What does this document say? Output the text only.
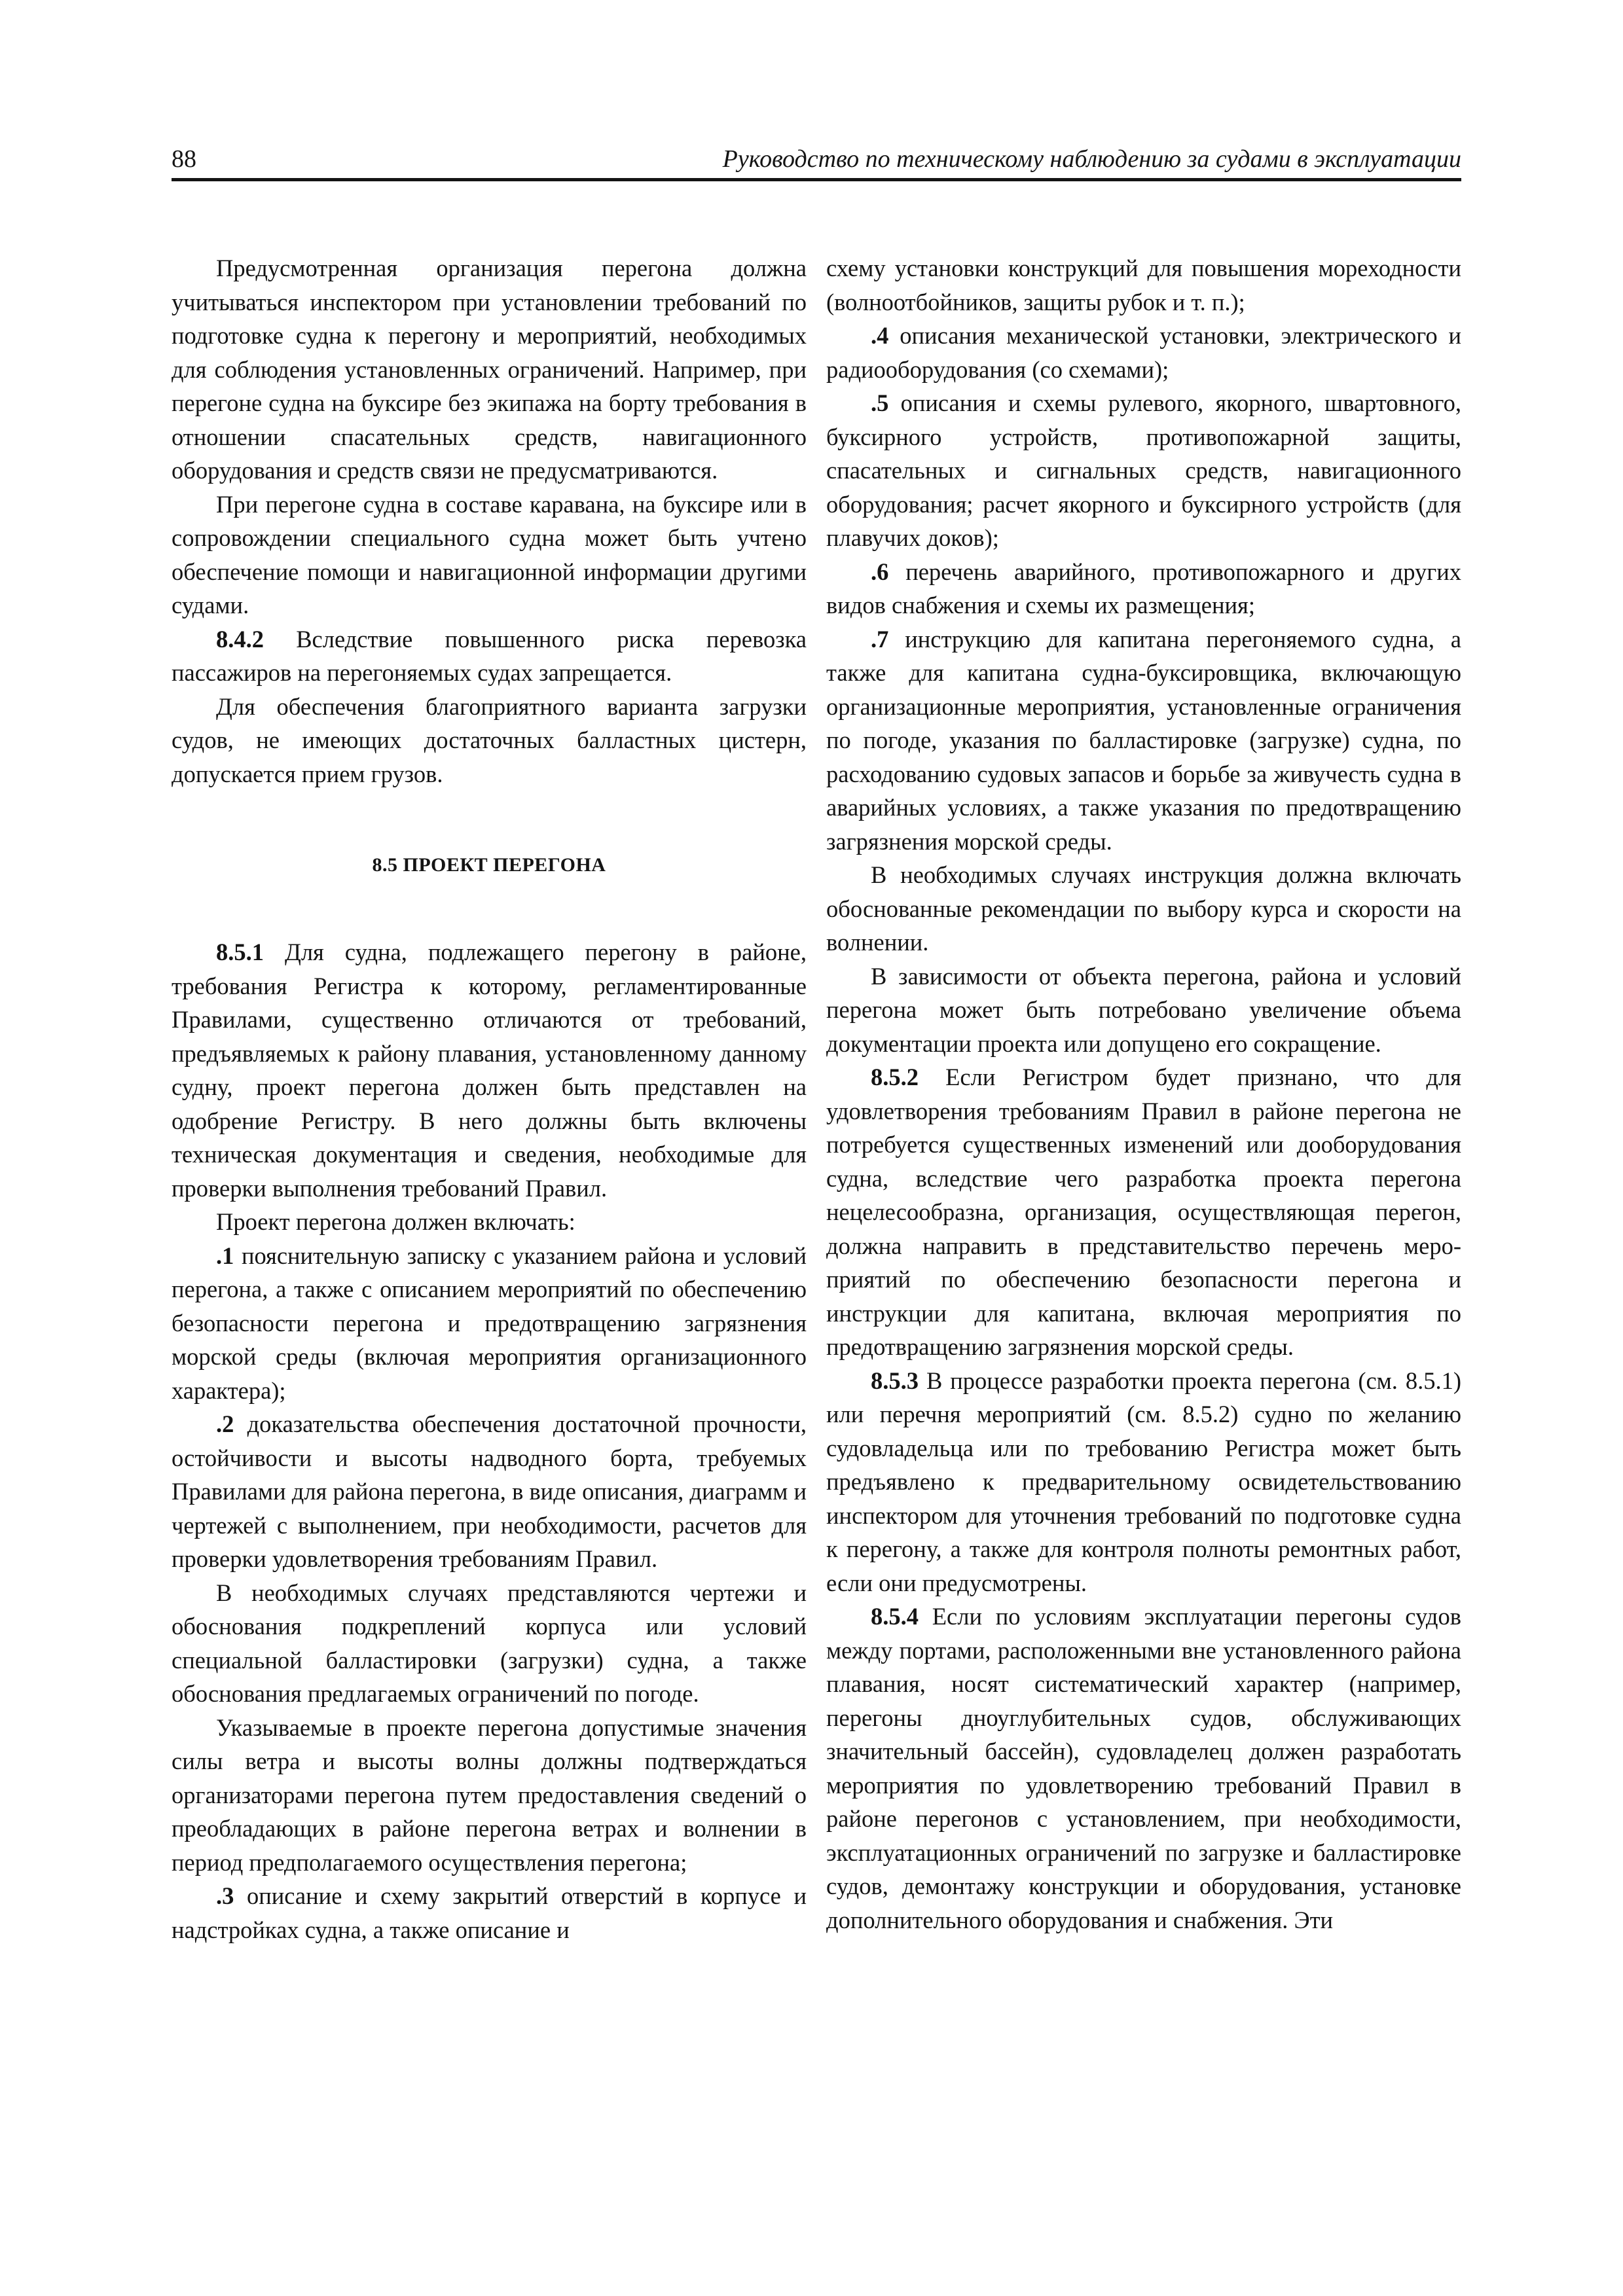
88	Руководство по техническому наблюдению за судами в эксплуатации

Предусмотренная организация перегона должна учитываться инспектором при установлении требований по подготовке судна к перегону и мероприятий, необходимых для соблюдения установленных ограничений. Например, при перегоне судна на буксире без экипажа на борту требования в отношении спасательных средств, навигационного оборудования и средств связи не предусматриваются.

При перегоне судна в составе каравана, на буксире или в сопровождении специального судна может быть учтено обеспечение помощи и навигационной информации другими судами.

8.4.2 Вследствие повышенного риска перевозка пассажиров на перегоняемых судах запрещается.

Для обеспечения благоприятного варианта загрузки судов, не имеющих достаточных балластных цистерн, допускается прием грузов.

8.5 ПРОЕКТ ПЕРЕГОНА

8.5.1 Для судна, подлежащего перегону в районе, требования Регистра к которому, регламентированные Правилами, существенно отличаются от требований, предъявляемых к району плавания, установленному данному судну, проект перегона должен быть представлен на одобрение Регистру. В него должны быть включены техническая документация и сведения, необходимые для проверки выполнения требований Правил.

Проект перегона должен включать:

.1 пояснительную записку с указанием района и условий перегона, а также с описанием мероприятий по обеспечению безопасности перегона и предотвращению загрязнения морской среды (включая мероприятия организационного характера);

.2 доказательства обеспечения достаточной прочности, остойчивости и высоты надводного борта, требуемых Правилами для района перегона, в виде описания, диаграмм и чертежей с выполнением, при необходимости, расчетов для проверки удовлетворения требованиям Правил.

В необходимых случаях представляются чертежи и обоснования подкреплений корпуса или условий специальной балластировки (загрузки) судна, а также обоснования предлагаемых ограничений по погоде.

Указываемые в проекте перегона допустимые значения силы ветра и высоты волны должны подтверждаться организаторами перегона путем предоставления сведений о преобладающих в районе перегона ветрах и волнении в период предполагаемого осуществления перегона;

.3 описание и схему закрытий отверстий в корпусе и надстройках судна, а также описание и

схему установки конструкций для повышения мореходности (волноотбойников, защиты рубок и т. п.);

.4 описания механической установки, электрического и радиооборудования (со схемами);

.5 описания и схемы рулевого, якорного, швартовного, буксирного устройств, противопожарной защиты, спасательных и сигнальных средств, навигационного оборудования; расчет якорного и буксирного устройств (для плавучих доков);

.6 перечень аварийного, противопожарного и других видов снабжения и схемы их размещения;

.7 инструкцию для капитана перегоняемого судна, а также для капитана судна-буксировщика, включающую организационные мероприятия, установленные ограничения по погоде, указания по балластировке (загрузке) судна, по расходованию судовых запасов и борьбе за живучесть судна в аварийных условиях, а также указания по предотвращению загрязнения морской среды.

В необходимых случаях инструкция должна включать обоснованные рекомендации по выбору курса и скорости на волнении.

В зависимости от объекта перегона, района и условий перегона может быть потребовано увеличение объема документации проекта или допущено его сокращение.

8.5.2 Если Регистром будет признано, что для удовлетворения требованиям Правил в районе перегона не потребуется существенных изменений или дооборудования судна, вследствие чего разработка проекта перегона нецелесообразна, организация, осуществляющая перегон, должна направить в представительство перечень мероприятий по обеспечению безопасности перегона и инструкции для капитана, включая мероприятия по предотвращению загрязнения морской среды.

8.5.3 В процессе разработки проекта перегона (см. 8.5.1) или перечня мероприятий (см. 8.5.2) судно по желанию судовладельца или по требованию Регистра может быть предъявлено к предварительному освидетельствованию инспектором для уточнения требований по подготовке судна к перегону, а также для контроля полноты ремонтных работ, если они предусмотрены.

8.5.4 Если по условиям эксплуатации перегоны судов между портами, расположенными вне установленного района плавания, носят систематический характер (например, перегоны дноуглубительных судов, обслуживающих значительный бассейн), судовладелец должен разработать мероприятия по удовлетворению требований Правил в районе перегонов с установлением, при необходимости, эксплуатационных ограничений по загрузке и балластировке судов, демонтажу конструкции и оборудования, установке дополнительного оборудования и снабжения. Эти
